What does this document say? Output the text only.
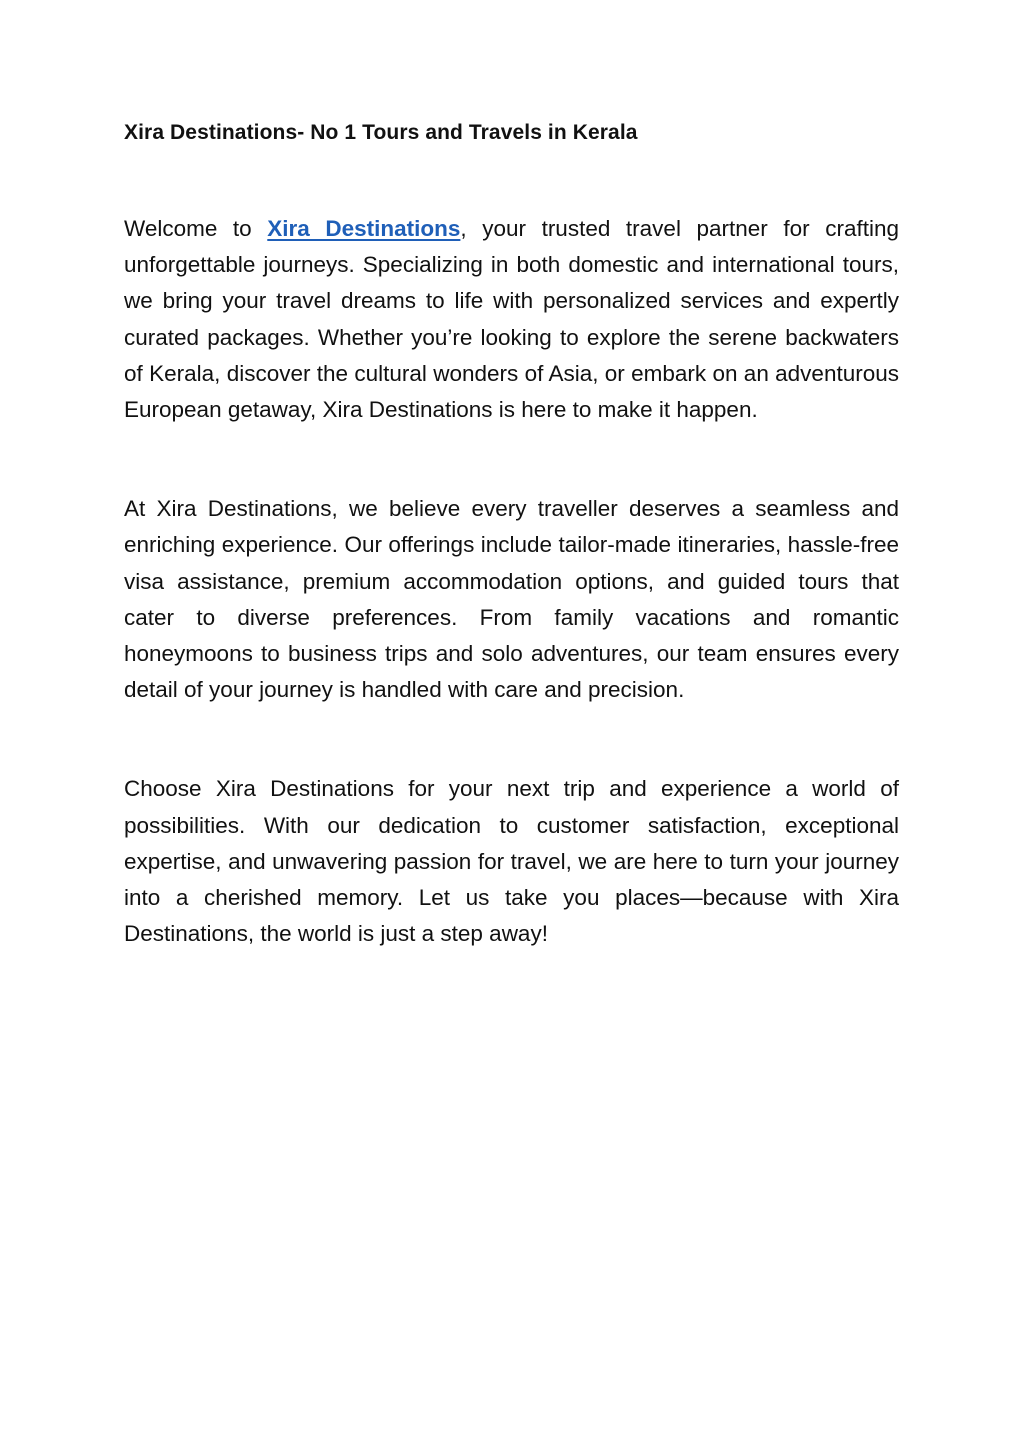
Xira Destinations- No 1 Tours and Travels in Kerala

Welcome to Xira Destinations, your trusted travel partner for crafting unforgettable journeys. Specializing in both domestic and international tours, we bring your travel dreams to life with personalized services and expertly curated packages. Whether you’re looking to explore the serene backwaters of Kerala, discover the cultural wonders of Asia, or embark on an adventurous European getaway, Xira Destinations is here to make it happen.

At Xira Destinations, we believe every traveller deserves a seamless and enriching experience. Our offerings include tailor-made itineraries, hassle-free visa assistance, premium accommodation options, and guided tours that cater to diverse preferences. From family vacations and romantic honeymoons to business trips and solo adventures, our team ensures every detail of your journey is handled with care and precision.

Choose Xira Destinations for your next trip and experience a world of possibilities. With our dedication to customer satisfaction, exceptional expertise, and unwavering passion for travel, we are here to turn your journey into a cherished memory. Let us take you places—because with Xira Destinations, the world is just a step away!
